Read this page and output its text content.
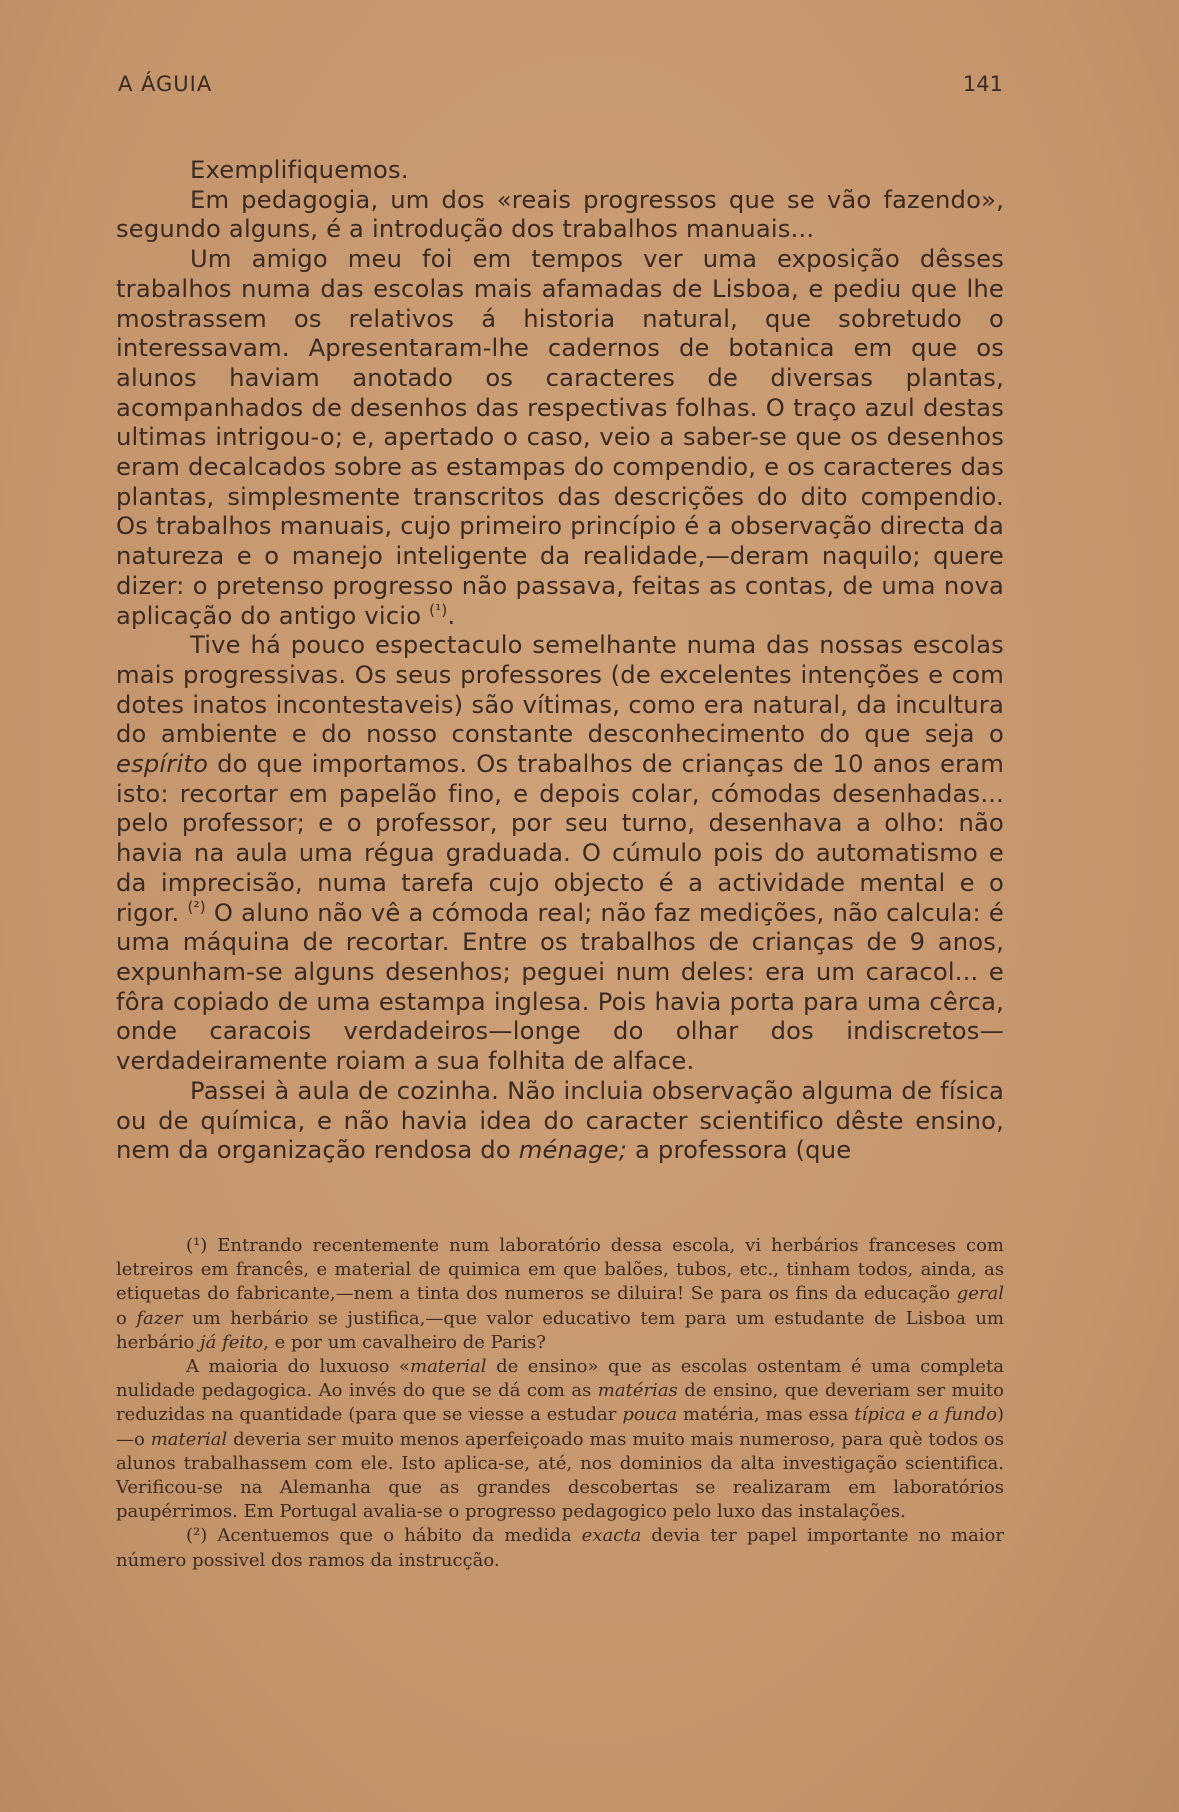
A ÁGUIA	141

Exemplifiquemos.

Em pedagogia, um dos «reais progressos que se vão fazendo», segundo alguns, é a introdução dos trabalhos manuais...

Um amigo meu foi em tempos ver uma exposição dêsses trabalhos numa das escolas mais afamadas de Lisboa, e pediu que lhe mostrassem os relativos á historia natural, que sobretudo o interessavam. Apresentaram-lhe cadernos de botanica em que os alunos haviam anotado os caracteres de diversas plantas, acompanhados de desenhos das respectivas folhas. O traço azul destas ultimas intrigou-o; e, apertado o caso, veio a saber-se que os desenhos eram decalcados sobre as estampas do compendio, e os caracteres das plantas, simplesmente transcritos das descrições do dito compendio. Os trabalhos manuais, cujo primeiro princípio é a observação directa da natureza e o manejo inteligente da realidade,—deram naquilo; quere dizer: o pretenso progresso não passava, feitas as contas, de uma nova aplicação do antigo vicio $^{(^1)}$.

Tive há pouco espectaculo semelhante numa das nossas escolas mais progressivas. Os seus professores (de excelentes intenções e com dotes inatos incontestaveis) são vítimas, como era natural, da incultura do ambiente e do nosso constante desconhecimento do que seja o espírito do que importamos. Os trabalhos de crianças de 10 anos eram isto: recortar em papelão fino, e depois colar, cómodas desenhadas... pelo professor; e o professor, por seu turno, desenhava a olho: não havia na aula uma régua graduada. O cúmulo pois do automatismo e da imprecisão, numa tarefa cujo objecto é a actividade mental e o rigor. $^{(^2)}$ O aluno não vê a cómoda real; não faz medições, não calcula: é uma máquina de recortar. Entre os trabalhos de crianças de 9 anos, expunham-se alguns desenhos; peguei num deles: era um caracol... e fôra copiado de uma estampa inglesa. Pois havia porta para uma cêrca, onde caracois verdadeiros—longe do olhar dos indiscretos—verdadeiramente roiam a sua folhita de alface.

Passei à aula de cozinha. Não incluia observação alguma de física ou de química, e não havia idea do caracter scientifico dêste ensino, nem da organização rendosa do ménage; a professora (que

(¹) Entrando recentemente num laboratório dessa escola, vi herbários franceses com letreiros em francês, e material de quimica em que balões, tubos, etc., tinham todos, ainda, as etiquetas do fabricante,—nem a tinta dos numeros se diluira! Se para os fins da educação geral o fazer um herbário se justifica,—que valor educativo tem para um estudante de Lisboa um herbário já feito, e por um cavalheiro de Paris?

A maioria do luxuoso «material de ensino» que as escolas ostentam é uma completa nulidade pedagogica. Ao invés do que se dá com as matérias de ensino, que deveriam ser muito reduzidas na quantidade (para que se viesse a estudar pouca matéria, mas essa típica e a fundo)—o material deveria ser muito menos aperfeiçoado mas muito mais numeroso, para què todos os alunos trabalhassem com ele. Isto aplica-se, até, nos dominios da alta investigação scientifica. Verificou-se na Alemanha que as grandes descobertas se realizaram em laboratórios paupérrimos. Em Portugal avalia-se o progresso pedagogico pelo luxo das instalações.

(²) Acentuemos que o hábito da medida exacta devia ter papel importante no maior número possivel dos ramos da instrucção.
